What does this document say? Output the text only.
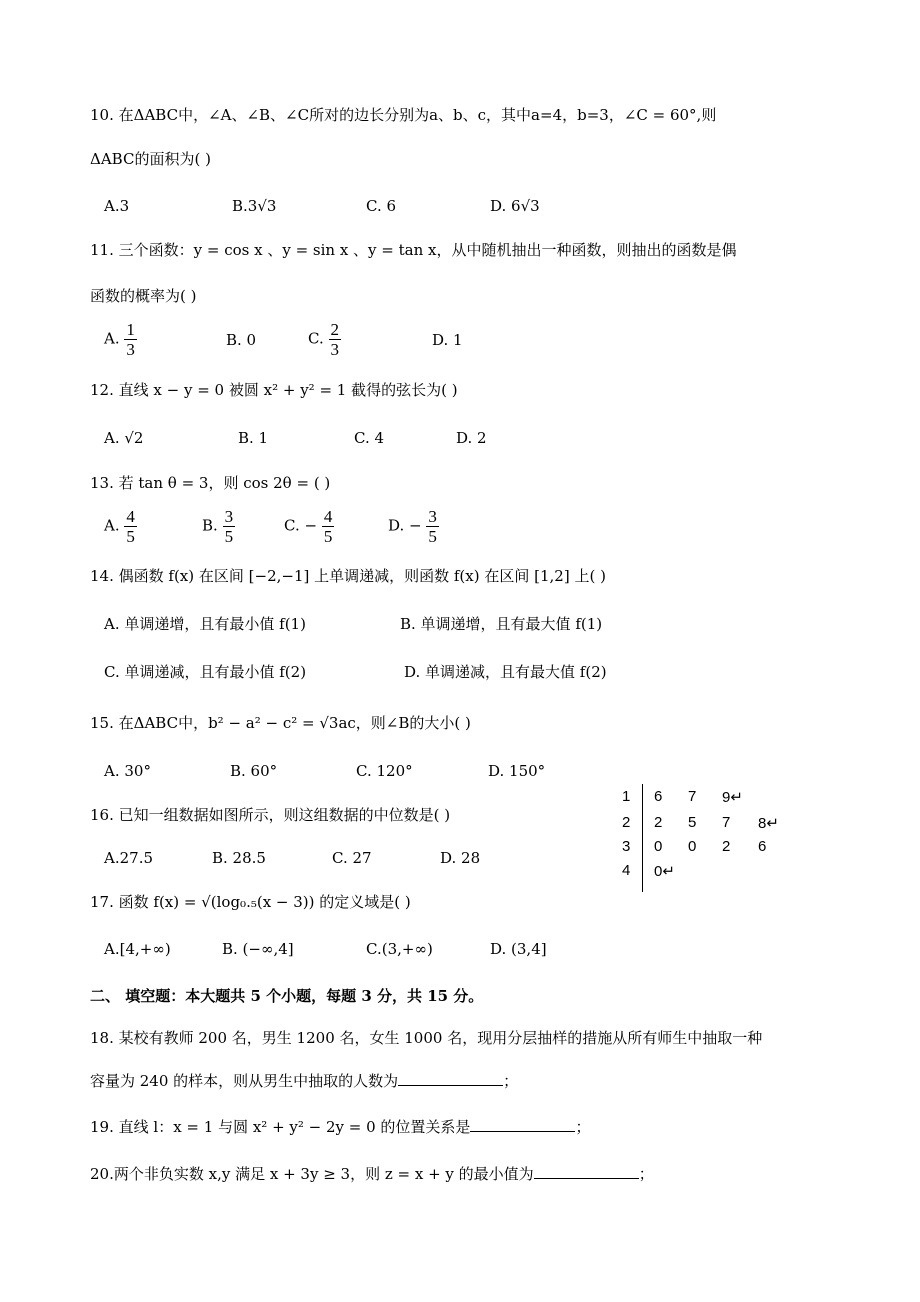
10. 在ΔABC中，∠A、∠B、∠C所对的边长分别为a、b、c，其中a=4，b=3，∠C = 60°,则
ΔABC的面积为( )
A.3	B.3√3	C. 6	D. 6√3
11. 三个函数：y = cos x 、y = sin x 、y = tan x，从中随机抽出一种函数，则抽出的函数是偶
函数的概率为( )
A. $\frac{1}{3}$	B. 0	C. $\frac{2}{3}$	D. 1
12. 直线 x − y = 0 被圆 x² + y² = 1 截得的弦长为( )
A. √2	B. 1	C. 4	D. 2
13. 若 tan θ = 3，则 cos 2θ = ( )
A. $\frac{4}{5}$	B. $\frac{3}{5}$	C. − $\frac{4}{5}$	D. − $\frac{3}{5}$
14. 偶函数 f(x) 在区间 [−2,−1] 上单调递减，则函数 f(x) 在区间 [1,2] 上( )
A. 单调递增，且有最小值 f(1)	B. 单调递增，且有最大值 f(1)
C. 单调递减，且有最小值 f(2)	D. 单调递减，且有最大值 f(2)
15. 在ΔABC中，b² − a² − c² = √3ac，则∠B的大小( )
A. 30°	B. 60°	C. 120°	D. 150°
16. 已知一组数据如图所示，则这组数据的中位数是( )
A.27.5	B. 28.5	C. 27	D. 28
1 6 7 9↵
2 2 5 7 8↵
3 0 0 2 6
4 0↵
17. 函数 f(x) = √(log₀.₅(x − 3)) 的定义域是( )
A.[4,+∞)	B. (−∞,4]	C.(3,+∞)	D. (3,4]
二、 填空题：本大题共 5 个小题，每题 3 分，共 15 分。
18. 某校有教师 200 名，男生 1200 名，女生 1000 名，现用分层抽样的措施从所有师生中抽取一种
容量为 240 的样本，则从男生中抽取的人数为	；
19. 直线 l：x = 1 与圆 x² + y² − 2y = 0 的位置关系是	；
20.两个非负实数 x,y 满足 x + 3y ≥ 3，则 z = x + y 的最小值为	；
